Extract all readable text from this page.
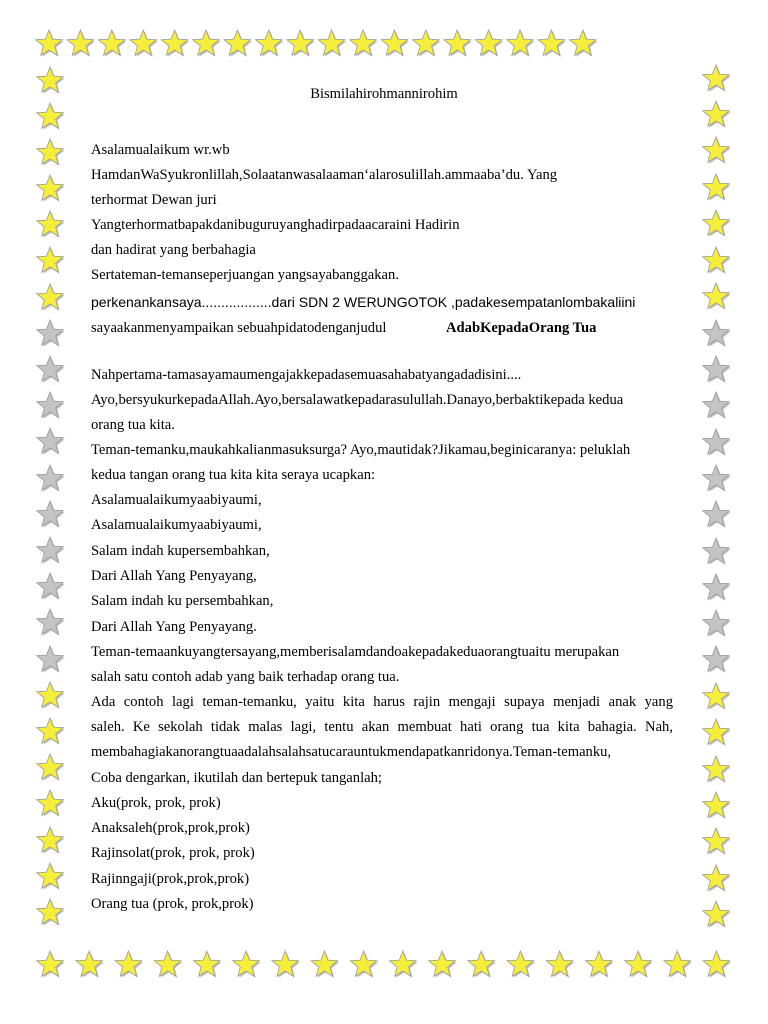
Bismilahirohmannirohim
Asalamualaikum wr.wb
HamdanWaSyukronlillah,Solaatanwasalaaman‘alarosulillah.ammaaba’du. Yang
terhormat Dewan juri
Yangterhormatbapakdanibuguruyanghadirpadaacaraini Hadirin
dan hadirat yang berbahagia
Sertateman-temanseperjuangan yangsayabanggakan.
perkenankansaya..................dari SDN 2 WERUNGOTOK ,padakesempatanlombakaliini
sayaakanmenyampaikan sebuahpidatodenganjudul	AdabKepadaOrang Tua
Nahpertama-tamasayamaumengajakkepadasemuasahabatyangadadisini....
Ayo,bersyukurkepadaAllah.Ayo,bersalawatkepadarasulullah.Danayo,berbaktikepada kedua
orang tua kita.
Teman-temanku,maukahkalianmasuksurga? Ayo,mautidak?Jikamau,beginicaranya: peluklah
kedua tangan orang tua kita kita seraya ucapkan:
Asalamualaikumyaabiyaumi,
Asalamualaikumyaabiyaumi,
Salam indah kupersembahkan,
Dari Allah Yang Penyayang,
Salam indah ku persembahkan,
Dari Allah Yang Penyayang.
Teman-temaankuyangtersayang,memberisalamdandoakepadakeduaorangtuaitu merupakan
salah satu contoh adab yang baik terhadap orang tua.
Ada contoh lagi teman-temanku, yaitu kita harus rajin mengaji supaya menjadi anak yang
saleh. Ke sekolah tidak malas lagi, tentu akan membuat hati orang tua kita bahagia. Nah,
membahagiakanorangtuaadalahsalahsatucarauntukmendapatkanridonya.Teman-temanku,
Coba dengarkan, ikutilah dan bertepuk tanganlah;
Aku(prok, prok, prok)
Anaksaleh(prok,prok,prok)
Rajinsolat(prok, prok, prok)
Rajinngaji(prok,prok,prok)
Orang tua (prok, prok,prok)
